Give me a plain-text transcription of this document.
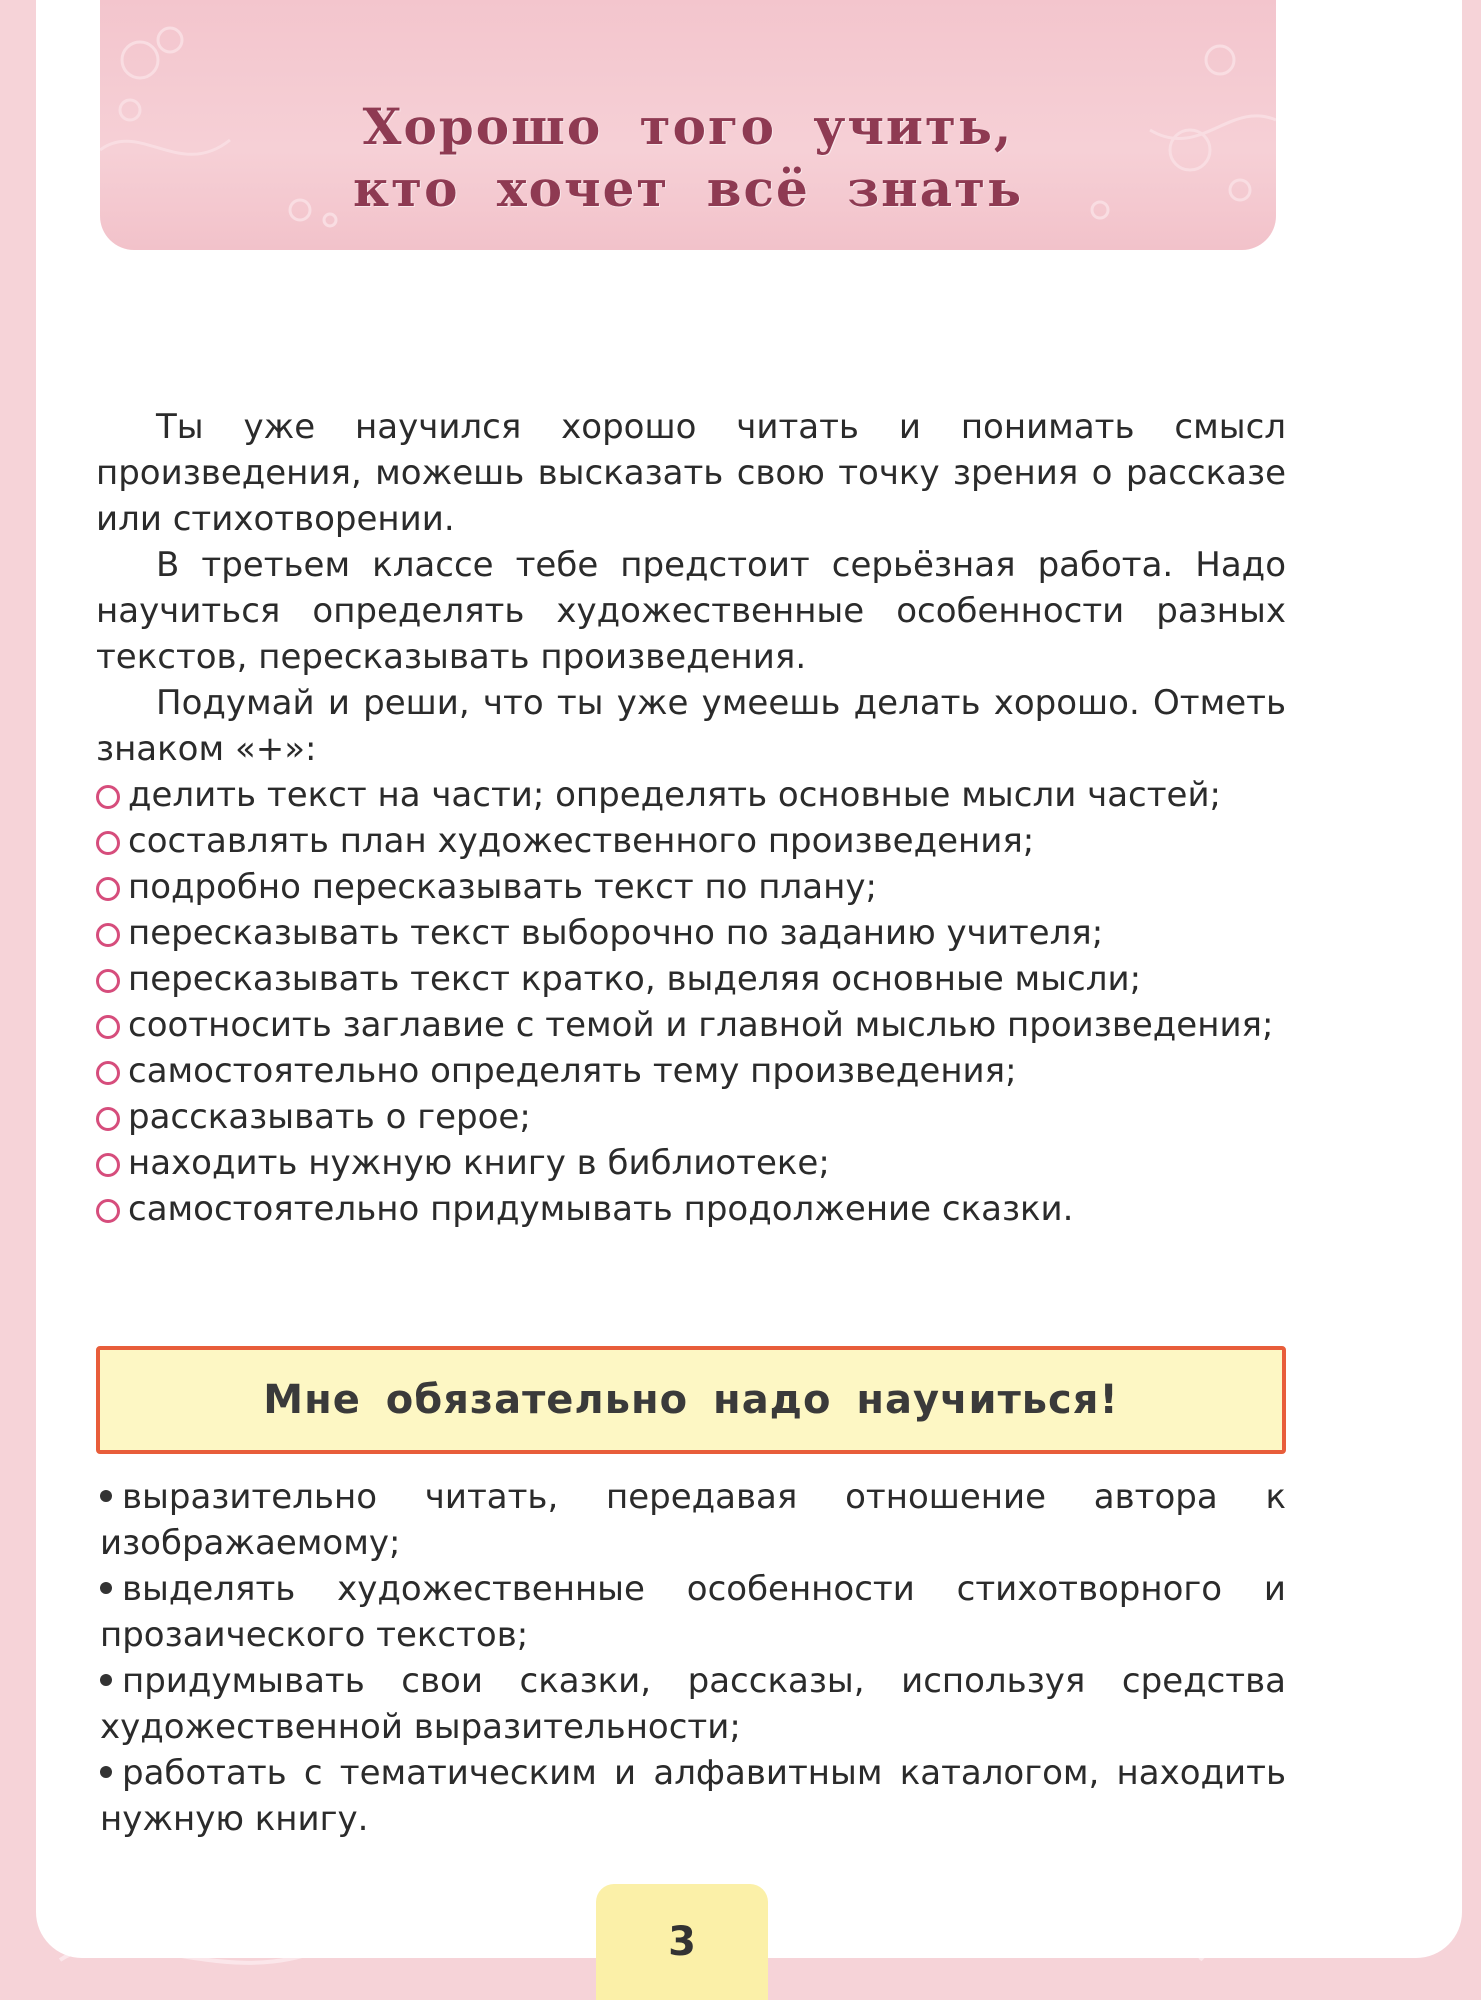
Хорошо того учить,
кто хочет всё знать

Ты уже научился хорошо читать и понимать смысл произведения, можешь высказать свою точку зрения о рассказе или стихотворении.

В третьем классе тебе предстоит серьёзная работа. Надо научиться определять художественные особенности разных текстов, пересказывать произведения.

Подумай и реши, что ты уже умеешь делать хорошо. Отметь знаком «+»:

делить текст на части; определять основные мысли частей;
составлять план художественного произведения;
подробно пересказывать текст по плану;
пересказывать текст выборочно по заданию учителя;
пересказывать текст кратко, выделяя основные мысли;
соотносить заглавие с темой и главной мыслью произведения;
самостоятельно определять тему произведения;
рассказывать о герое;
находить нужную книгу в библиотеке;
самостоятельно придумывать продолжение сказки.
Мне обязательно надо научиться!
выразительно читать, передавая отношение автора к изображаемому;
выделять художественные особенности стихотворного и прозаического текстов;
придумывать свои сказки, рассказы, используя средства художественной выразительности;
работать с тематическим и алфавитным каталогом, находить нужную книгу.
3
